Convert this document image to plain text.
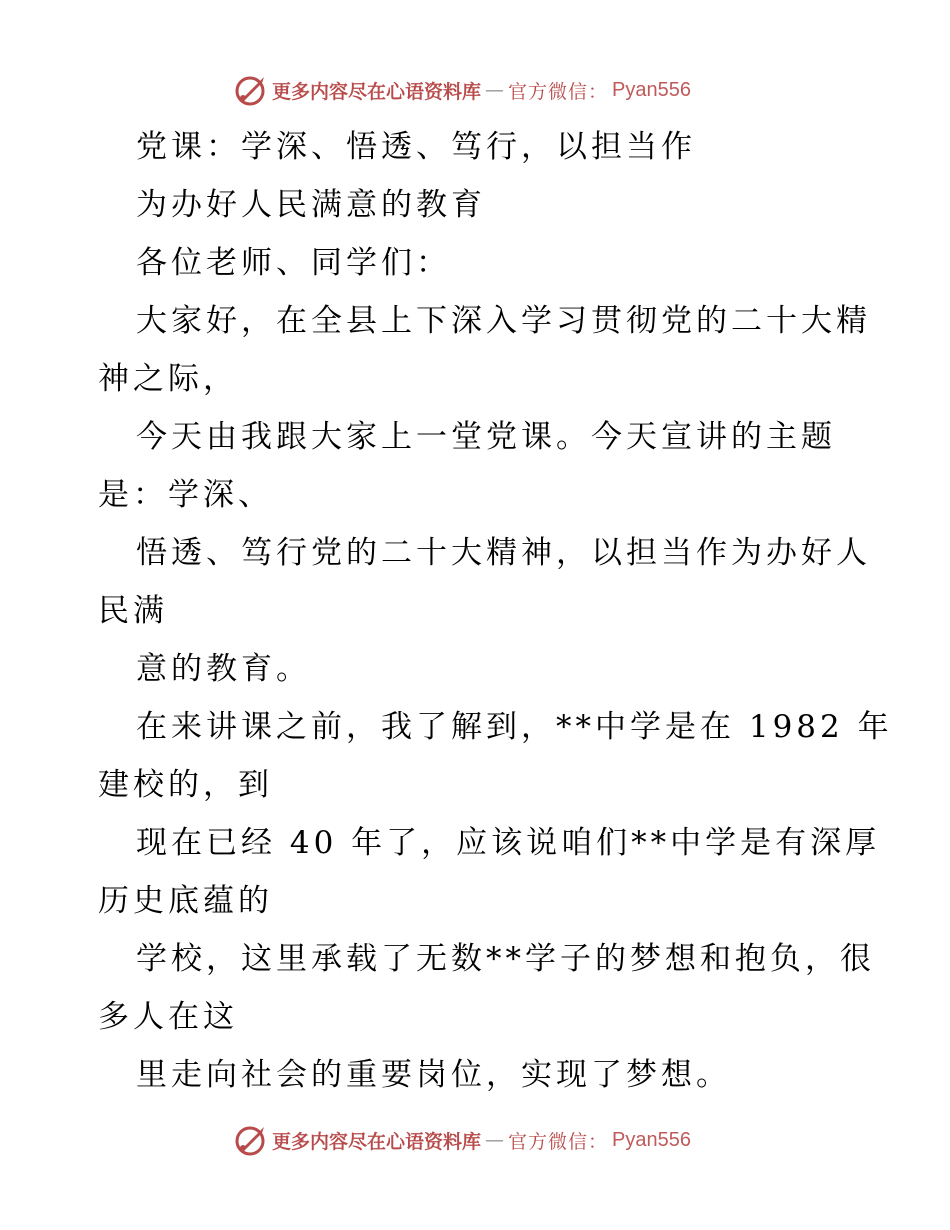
更多内容尽在心语资料库 — 官方微信： Pyan556
党课：学深、悟透、笃行，以担当作
为办好人民满意的教育
各位老师、同学们：
大家好，在全县上下深入学习贯彻党的二十大精
神之际，
今天由我跟大家上一堂党课。今天宣讲的主题
是：学深、
悟透、笃行党的二十大精神，以担当作为办好人
民满
意的教育。
在来讲课之前，我了解到，**中学是在 1982 年
建校的，到
现在已经 40 年了，应该说咱们**中学是有深厚
历史底蕴的
学校，这里承载了无数**学子的梦想和抱负，很
多人在这
里走向社会的重要岗位，实现了梦想。
更多内容尽在心语资料库 — 官方微信： Pyan556
